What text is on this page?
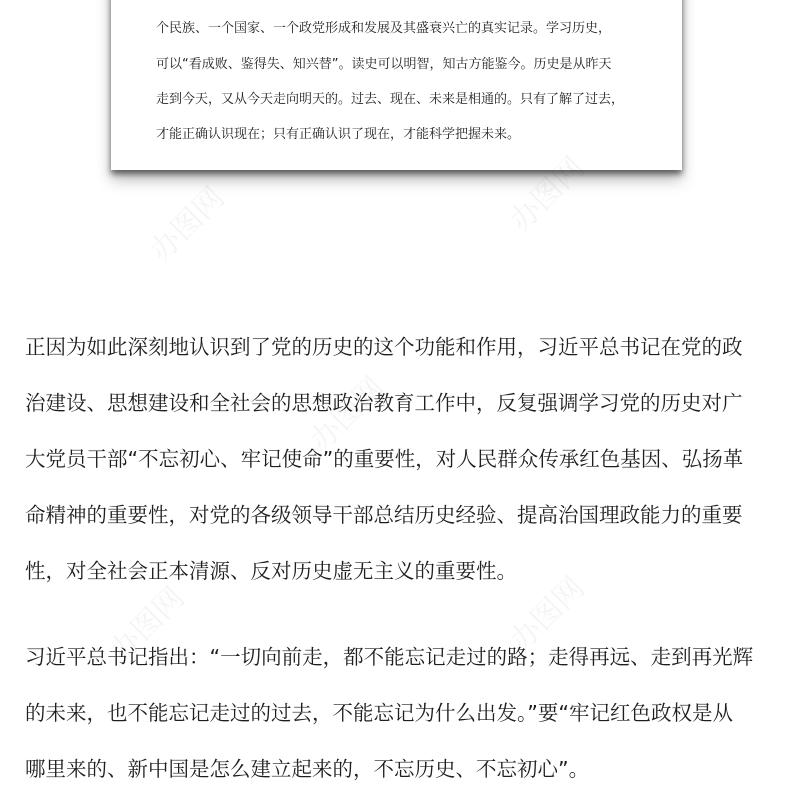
个民族、一个国家、一个政党形成和发展及其盛衰兴亡的真实记录。学习历史，
可以“看成败、鉴得失、知兴替”。读史可以明智，知古方能鉴今。历史是从昨天
走到今天，又从今天走向明天的。过去、现在、未来是相通的。只有了解了过去，
才能正确认识现在；只有正确认识了现在，才能科学把握未来。
正因为如此深刻地认识到了党的历史的这个功能和作用，习近平总书记在党的政
治建设、思想建设和全社会的思想政治教育工作中，反复强调学习党的历史对广
大党员干部“不忘初心、牢记使命”的重要性，对人民群众传承红色基因、弘扬革
命精神的重要性，对党的各级领导干部总结历史经验、提高治国理政能力的重要
性，对全社会正本清源、反对历史虚无主义的重要性。
习近平总书记指出：“一切向前走，都不能忘记走过的路；走得再远、走到再光辉
的未来，也不能忘记走过的过去，不能忘记为什么出发。”要“牢记红色政权是从
哪里来的、新中国是怎么建立起来的，不忘历史、不忘初心”。
